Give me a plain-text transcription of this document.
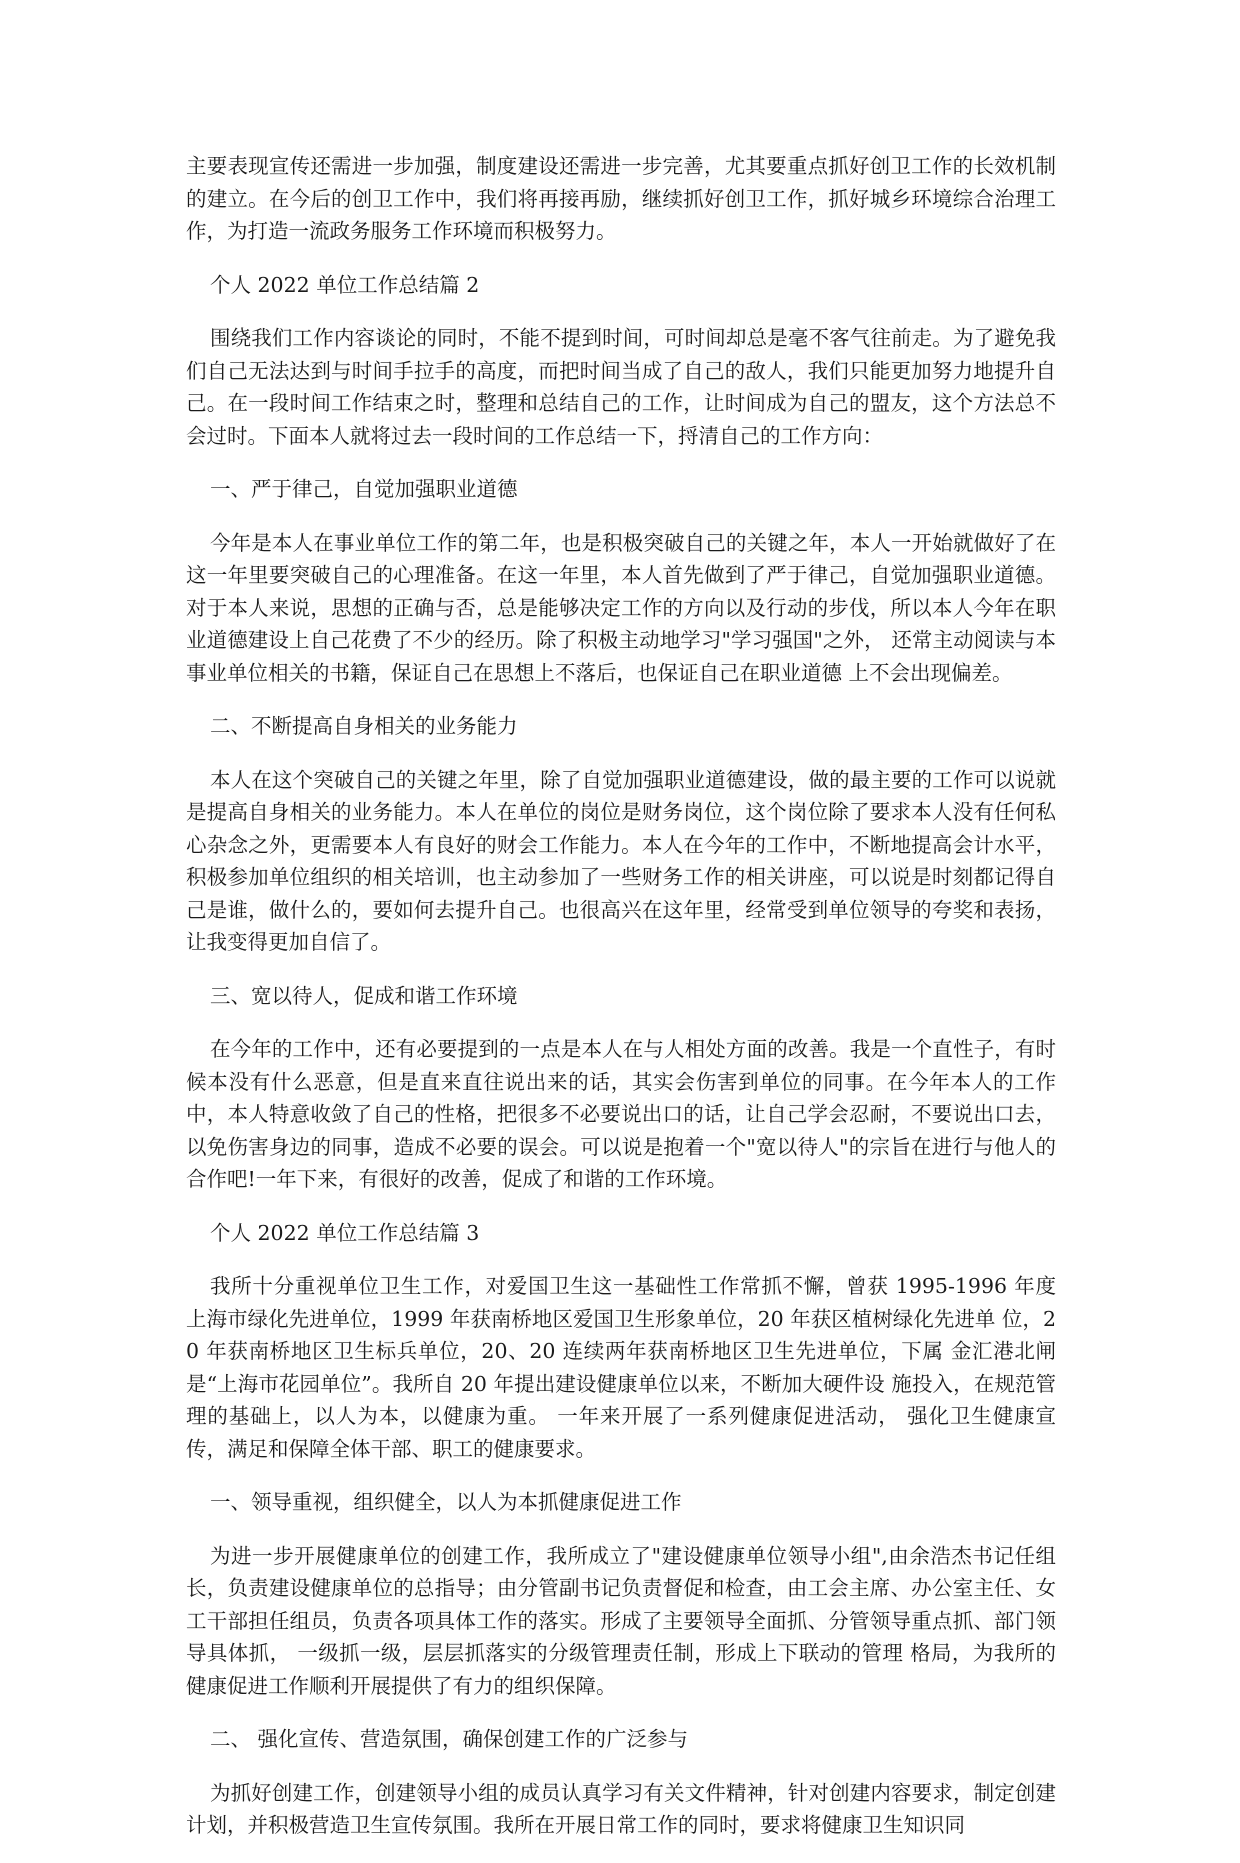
主要表现宣传还需进一步加强，制度建设还需进一步完善，尤其要重点抓好创卫工作的长效机制的建立。在今后的创卫工作中，我们将再接再励，继续抓好创卫工作，抓好城乡环境综合治理工作，为打造一流政务服务工作环境而积极努力。

个人 2022 单位工作总结篇 2

围绕我们工作内容谈论的同时，不能不提到时间，可时间却总是毫不客气往前走。为了避免我们自己无法达到与时间手拉手的高度，而把时间当成了自己的敌人，我们只能更加努力地提升自己。在一段时间工作结束之时，整理和总结自己的工作，让时间成为自己的盟友，这个方法总不会过时。下面本人就将过去一段时间的工作总结一下，捋清自己的工作方向：

一、严于律己，自觉加强职业道德

今年是本人在事业单位工作的第二年，也是积极突破自己的关键之年，本人一开始就做好了在这一年里要突破自己的心理准备。在这一年里，本人首先做到了严于律己，自觉加强职业道德。对于本人来说，思想的正确与否，总是能够决定工作的方向以及行动的步伐，所以本人今年在职业道德建设上自己花费了不少的经历。除了积极主动地学习"学习强国"之外， 还常主动阅读与本事业单位相关的书籍，保证自己在思想上不落后，也保证自己在职业道德 上不会出现偏差。

二、不断提高自身相关的业务能力

本人在这个突破自己的关键之年里，除了自觉加强职业道德建设，做的最主要的工作可以说就是提高自身相关的业务能力。本人在单位的岗位是财务岗位，这个岗位除了要求本人没有任何私心杂念之外，更需要本人有良好的财会工作能力。本人在今年的工作中，不断地提高会计水平，积极参加单位组织的相关培训，也主动参加了一些财务工作的相关讲座，可以说是时刻都记得自己是谁，做什么的，要如何去提升自己。也很高兴在这年里，经常受到单位领导的夸奖和表扬，让我变得更加自信了。

三、宽以待人，促成和谐工作环境

在今年的工作中，还有必要提到的一点是本人在与人相处方面的改善。我是一个直性子，有时候本没有什么恶意，但是直来直往说出来的话，其实会伤害到单位的同事。在今年本人的工作中，本人特意收敛了自己的性格，把很多不必要说出口的话，让自己学会忍耐，不要说出口去，以免伤害身边的同事，造成不必要的误会。可以说是抱着一个"宽以待人"的宗旨在进行与他人的合作吧!一年下来，有很好的改善，促成了和谐的工作环境。

个人 2022 单位工作总结篇 3

我所十分重视单位卫生工作，对爱国卫生这一基础性工作常抓不懈，曾获 1995-1996 年度 上海市绿化先进单位，1999 年获南桥地区爱国卫生形象单位，20 年获区植树绿化先进单 位，20 年获南桥地区卫生标兵单位，20、20 连续两年获南桥地区卫生先进单位，下属 金汇港北闸是“上海市花园单位”。我所自 20 年提出建设健康单位以来，不断加大硬件设 施投入，在规范管理的基础上，以人为本，以健康为重。 一年来开展了一系列健康促进活动， 强化卫生健康宣传，满足和保障全体干部、职工的健康要求。

一、领导重视，组织健全，以人为本抓健康促进工作

为进一步开展健康单位的创建工作，我所成立了"建设健康单位领导小组",由余浩杰书记任组长，负责建设健康单位的总指导；由分管副书记负责督促和检查，由工会主席、办公室主任、女工干部担任组员，负责各项具体工作的落实。形成了主要领导全面抓、分管领导重点抓、部门领导具体抓， 一级抓一级，层层抓落实的分级管理责任制，形成上下联动的管理 格局，为我所的健康促进工作顺利开展提供了有力的组织保障。

二、 强化宣传、营造氛围，确保创建工作的广泛参与

为抓好创建工作，创建领导小组的成员认真学习有关文件精神，针对创建内容要求，制定创建计划，并积极营造卫生宣传氛围。我所在开展日常工作的同时，要求将健康卫生知识同
